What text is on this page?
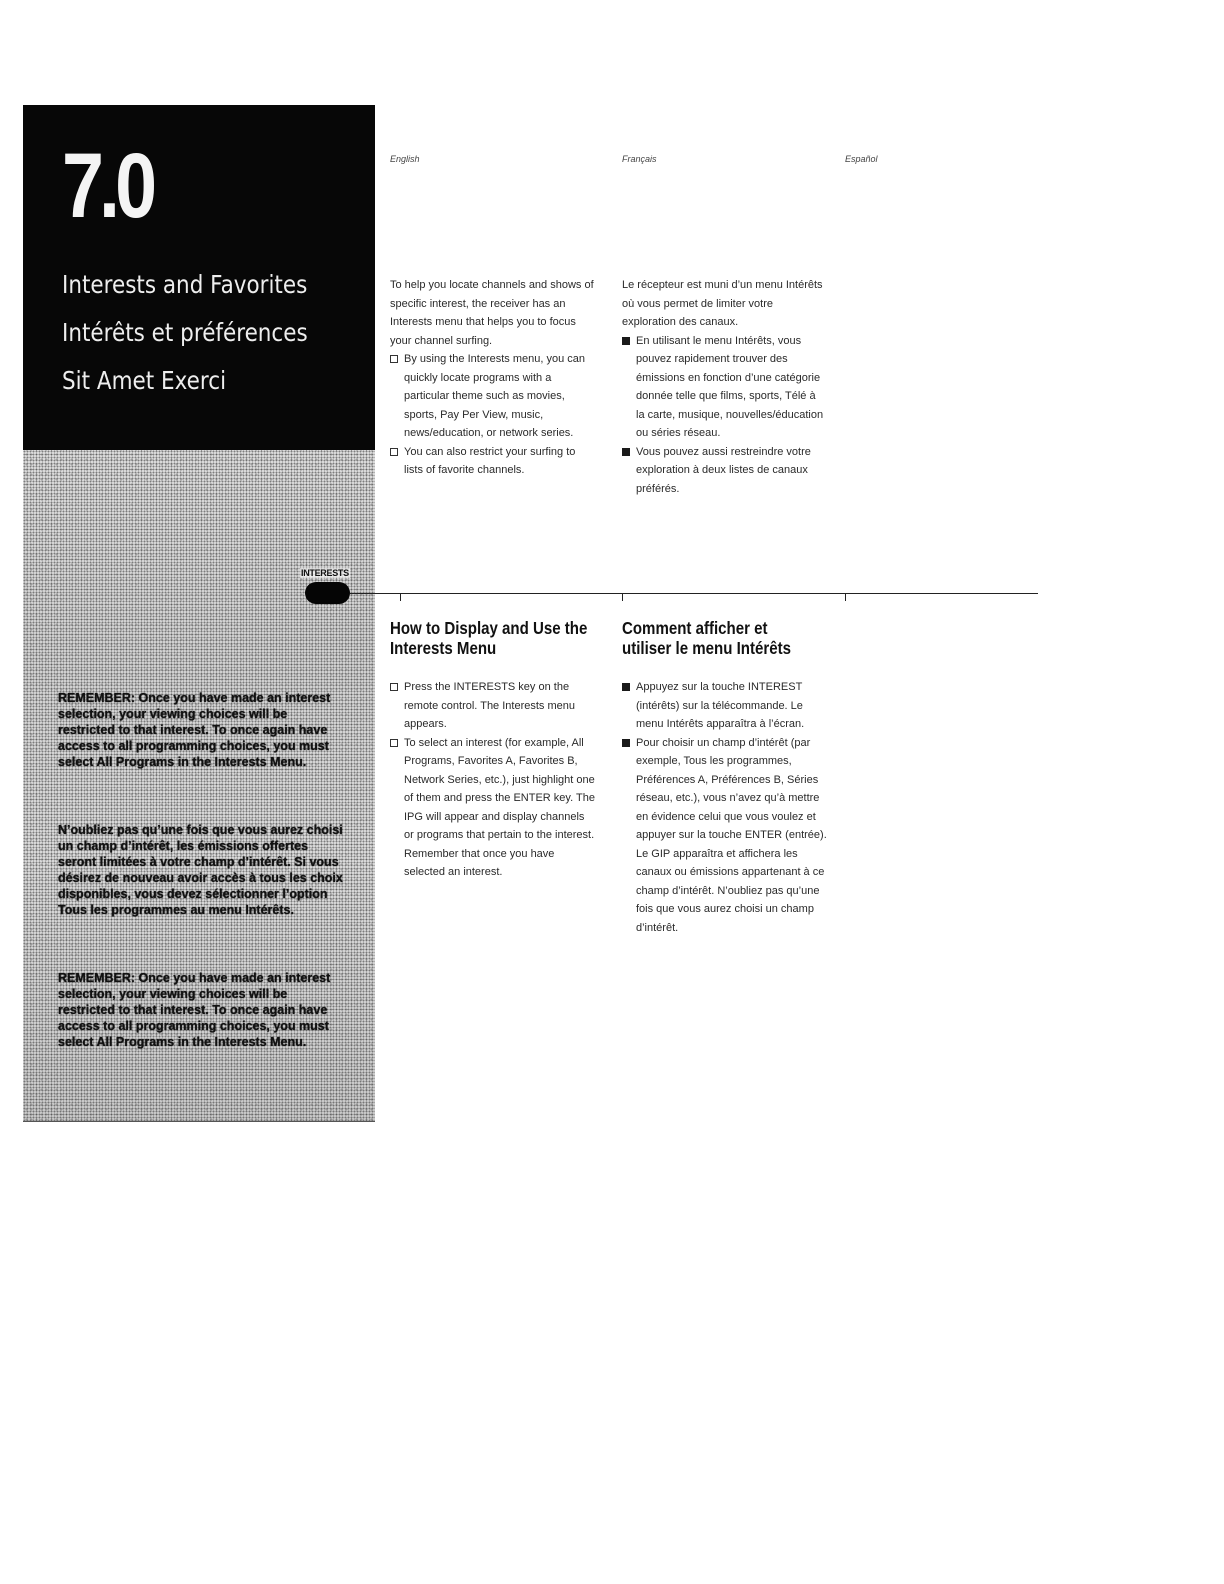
7.0
Interests and Favorites
Intérêts et préférences
Sit Amet Exerci
INTERESTS
REMEMBER: Once you have made an interest selection, your viewing choices will be restricted to that interest. To once again have access to all programming choices, you must select All Programs in the Interests Menu.
N’oubliez pas qu’une fois que vous aurez choisi un champ d’intérêt, les émissions offertes seront limitées à votre champ d’intérêt. Si vous désirez de nouveau avoir accès à tous les choix disponibles, vous devez sélectionner l’option Tous les programmes au menu Intérêts.
REMEMBER: Once you have made an interest selection, your viewing choices will be restricted to that interest. To once again have access to all programming choices, you must select All Programs in the Interests Menu.
English	Français	Español

To help you locate channels and shows of specific interest, the receiver has an Interests menu that helps you to focus your channel surfing.

By using the Interests menu, you can quickly locate programs with a particular theme such as movies, sports, Pay Per View, music, news/education, or network series.
You can also restrict your surfing to lists of favorite channels.

Le récepteur est muni d’un menu Intérêts où vous permet de limiter votre exploration des canaux.

En utilisant le menu Intérêts, vous pouvez rapidement trouver des émissions en fonction d’une catégorie donnée telle que films, sports, Télé à la carte, musique, nouvelles/éducation ou séries réseau.
Vous pouvez aussi restreindre votre exploration à deux listes de canaux préférés.
How to Display and Use the Interests Menu
Press the INTERESTS key on the remote control. The Interests menu appears.
To select an interest (for example, All Programs, Favorites A, Favorites B, Network Series, etc.), just highlight one of them and press the ENTER key. The IPG will appear and display channels or programs that pertain to the interest. Remember that once you have selected an interest.
Comment afficher et utiliser le menu Intérêts
Appuyez sur la touche INTEREST (intérêts) sur la télécommande. Le menu Intérêts apparaîtra à l’écran.
Pour choisir un champ d’intérêt (par exemple, Tous les programmes, Préférences A, Préférences B, Séries réseau, etc.), vous n’avez qu’à mettre en évidence celui que vous voulez et appuyer sur la touche ENTER (entrée). Le GIP apparaîtra et affichera les canaux ou émissions appartenant à ce champ d’intérêt. N’oubliez pas qu’une fois que vous aurez choisi un champ d’intérêt.
